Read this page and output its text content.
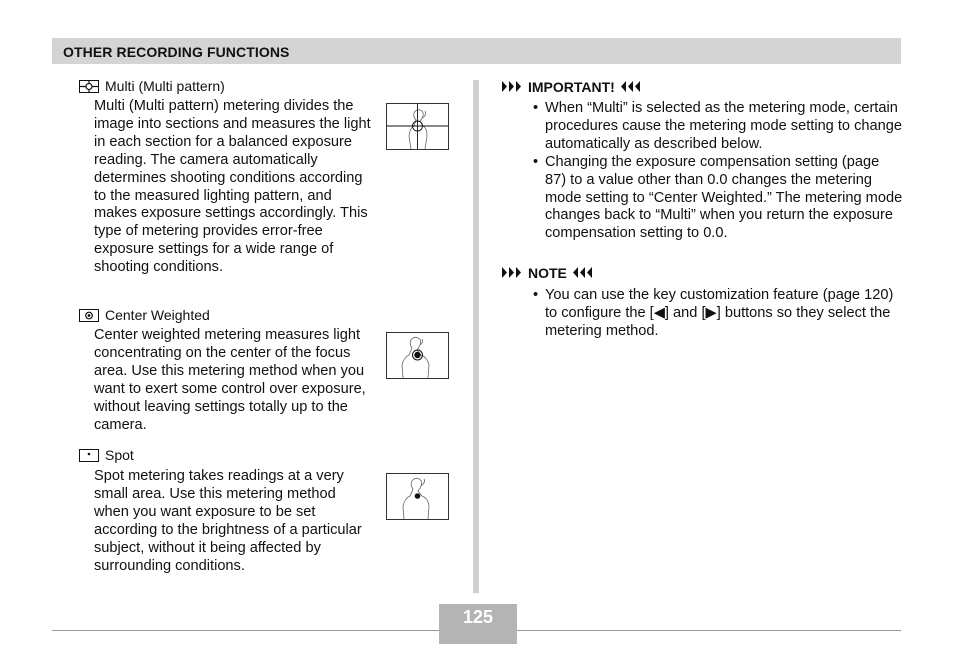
OTHER RECORDING FUNCTIONS
Multi (Multi pattern)
Multi (Multi pattern) metering divides the image into sections and measures the light in each section for a balanced exposure reading. The camera automatically determines shooting conditions according to the measured lighting pattern, and makes exposure settings accordingly. This type of metering provides error-free exposure settings for a wide range of shooting conditions.
Center Weighted
Center weighted metering measures light concentrating on the center of the focus area. Use this metering method when you want to exert some control over exposure, without leaving settings totally up to the camera.
Spot
Spot metering takes readings at a very small area. Use this metering method when you want exposure to be set according to the brightness of a particular subject, without it being affected by surrounding conditions.
IMPORTANT!
• When “Multi” is selected as the metering mode, certain procedures cause the metering mode setting to change automatically as described below.
• Changing the exposure compensation setting (page 87) to a value other than 0.0 changes the metering mode setting to “Center Weighted.” The metering mode changes back to “Multi” when you return the exposure compensation setting to 0.0.
NOTE
• You can use the key customization feature (page 120) to configure the [◀] and [▶] buttons so they select the metering method.
125
